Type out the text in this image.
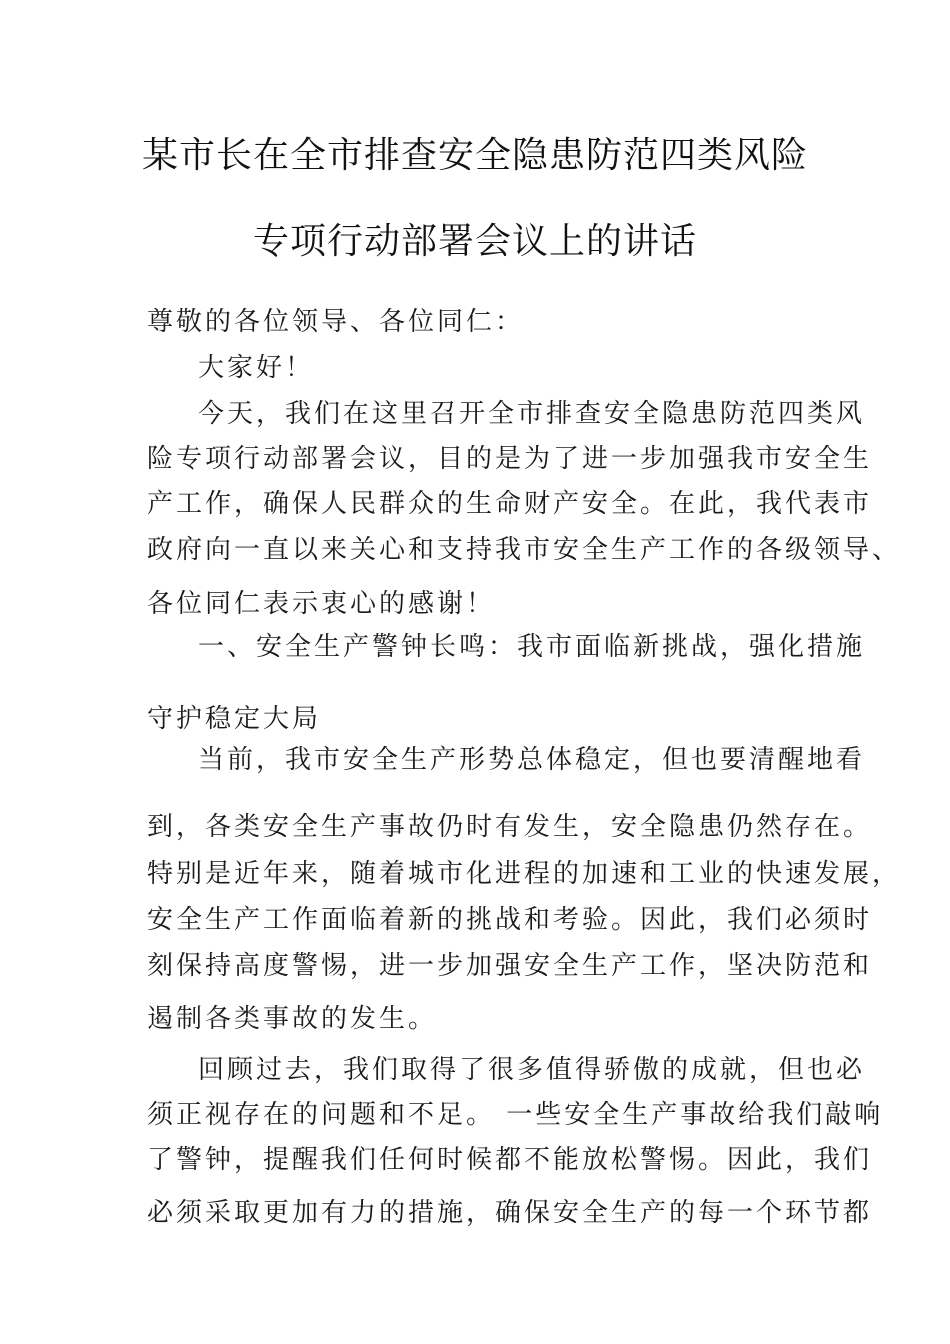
某市长在全市排查安全隐患防范四类风险
专项行动部署会议上的讲话
尊敬的各位领导、各位同仁：
大家好！
今天，我们在这里召开全市排查安全隐患防范四类风
险专项行动部署会议，目的是为了进一步加强我市安全生
产工作，确保人民群众的生命财产安全。在此，我代表市
政府向一直以来关心和支持我市安全生产工作的各级领导、
各位同仁表示衷心的感谢！
一、安全生产警钟长鸣：我市面临新挑战，强化措施
守护稳定大局
当前，我市安全生产形势总体稳定，但也要清醒地看
到，各类安全生产事故仍时有发生，安全隐患仍然存在。
特别是近年来，随着城市化进程的加速和工业的快速发展，
安全生产工作面临着新的挑战和考验。因此，我们必须时
刻保持高度警惕，进一步加强安全生产工作，坚决防范和
遏制各类事故的发生。
回顾过去，我们取得了很多值得骄傲的成就，但也必
须正视存在的问题和不足。 一些安全生产事故给我们敲响
了警钟，提醒我们任何时候都不能放松警惕。因此，我们
必须采取更加有力的措施，确保安全生产的每一个环节都
